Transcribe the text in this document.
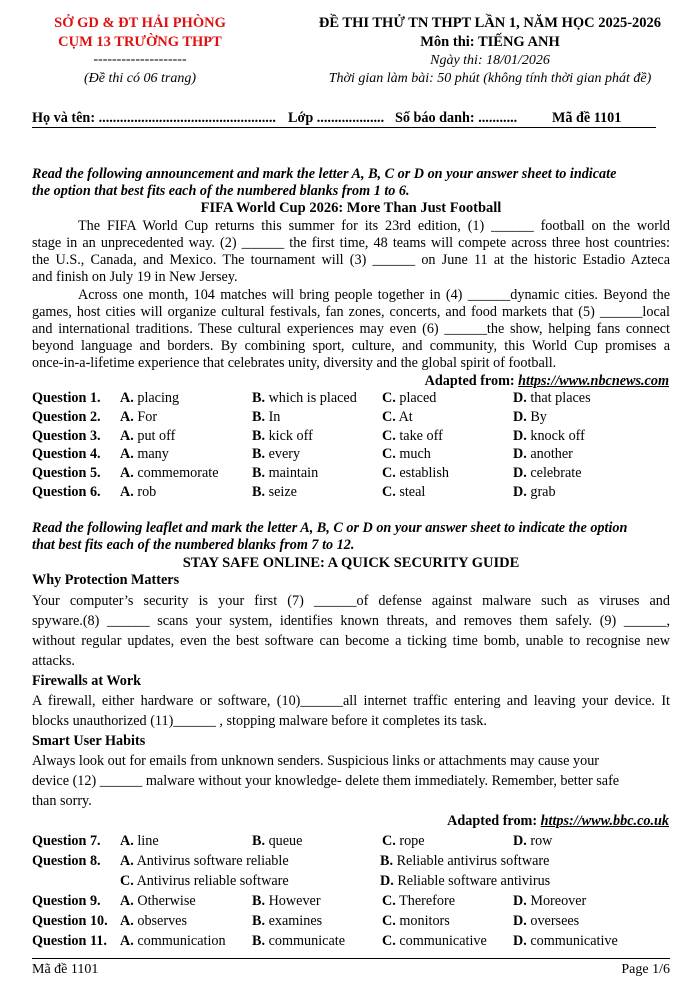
SỞ GD & ĐT HẢI PHÒNG
CỤM 13 TRƯỜNG THPT
--------------------
(Đề thi có 06 trang)
ĐỀ THI THỬ TN THPT LẦN 1, NĂM HỌC 2025-2026
Môn thi: TIẾNG ANH
Ngày thi: 18/01/2026
Thời gian làm bài: 50 phút (không tính thời gian phát đề)
Họ và tên: .................................................. Lớp ................... Số báo danh: ........... Mã đề 1101
Read the following announcement and mark the letter A, B, C or D on your answer sheet to indicate
the option that best fits each of the numbered blanks from 1 to 6.
FIFA World Cup 2026: More Than Just Football
The FIFA World Cup returns this summer for its 23rd edition, (1) ______ football on the world
stage in an unprecedented way. (2) ______ the first time, 48 teams will compete across three host countries:
the U.S., Canada, and Mexico. The tournament will (3) ______ on June 11 at the historic Estadio Azteca
and finish on July 19 in New Jersey.
Across one month, 104 matches will bring people together in (4) ______dynamic cities. Beyond the
games, host cities will organize cultural festivals, fan zones, concerts, and food markets that (5) ______local
and international traditions. These cultural experiences may even (6) ______the show, helping fans connect
beyond language and borders. By combining sport, culture, and community, this World Cup promises a
once-in-a-lifetime experience that celebrates unity, diversity and the global spirit of football.
Adapted from: https://www.nbcnews.com
Question 1. A. placing	B. which is placed C. placed	D. that places
Question 2. A. For	B. In	C. At	D. By
Question 3. A. put off	B. kick off	C. take off	D. knock off
Question 4. A. many	B. every	C. much	D. another
Question 5. A. commemorate B. maintain	C. establish	D. celebrate
Question 6. A. rob	B. seize	C. steal	D. grab
Read the following leaflet and mark the letter A, B, C or D on your answer sheet to indicate the option
that best fits each of the numbered blanks from 7 to 12.
STAY SAFE ONLINE: A QUICK SECURITY GUIDE
Why Protection Matters
Your computer’s security is your first (7) ______of defense against malware such as viruses and
spyware.(8) ______ scans your system, identifies known threats, and removes them safely. (9) ______,
without regular updates, even the best software can become a ticking time bomb, unable to recognise new
attacks.
Firewalls at Work
A firewall, either hardware or software, (10)______all internet traffic entering and leaving your device. It
blocks unauthorized (11)______ , stopping malware before it completes its task.
Smart User Habits
Always look out for emails from unknown senders. Suspicious links or attachments may cause your
device (12) ______ malware without your knowledge- delete them immediately. Remember, better safe
than sorry.
Adapted from: https://www.bbc.co.uk
Question 7. A. line	B. queue	C. rope	D. row
Question 8. A. Antivirus software reliable	B. Reliable antivirus software
C. Antivirus reliable software	D. Reliable software antivirus
Question 9. A. Otherwise	B. However	C. Therefore	D. Moreover
Question 10. A. observes	B. examines	C. monitors	D. oversees
Question 11. A. communication B. communicate	C. communicative D. communicative
Mã đề 1101	Page 1/6
